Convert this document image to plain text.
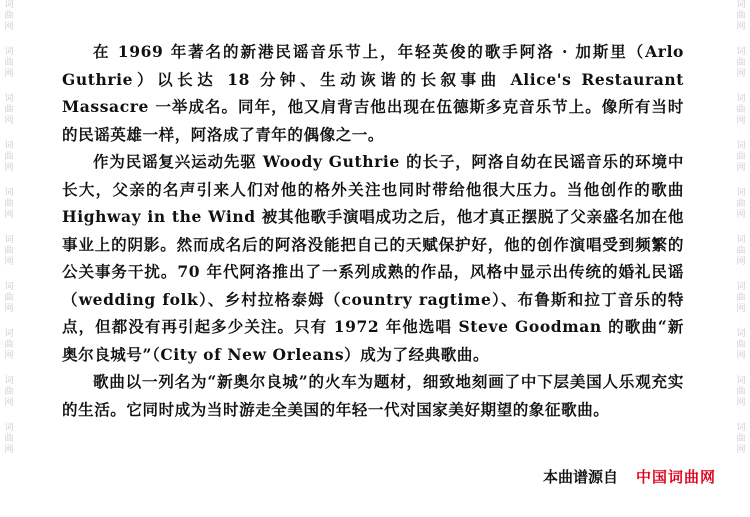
词
曲
网
词
曲
网
词
曲
网
词
曲
网
词
曲
网
词
曲
网
词
曲
网
词
曲
网
词
曲
网
词
曲
网
词
曲
网
词
曲
网
词
曲
网
词
曲
网
词
曲
网
词
曲
网
词
曲
网
词
曲
网
词
曲
网
词
曲
网

在 1969 年著名的新港民谣音乐节上，年轻英俊的歌手阿洛 · 加斯里（Arlo Guthrie）以长达 18 分钟、生动诙谐的长叙事曲 Alice's Restaurant Massacre 一举成名。同年，他又肩背吉他出现在伍德斯多克音乐节上。像所有当时的民谣英雄一样，阿洛成了青年的偶像之一。

作为民谣复兴运动先驱 Woody Guthrie 的长子，阿洛自幼在民谣音乐的环境中长大，父亲的名声引来人们对他的格外关注也同时带给他很大压力。当他创作的歌曲 Highway in the Wind 被其他歌手演唱成功之后，他才真正摆脱了父亲盛名加在他事业上的阴影。然而成名后的阿洛没能把自己的天赋保护好，他的创作演唱受到频繁的公关事务干扰。70 年代阿洛推出了一系列成熟的作品，风格中显示出传统的婚礼民谣（wedding folk）、乡村拉格泰姆（country ragtime）、布鲁斯和拉丁音乐的特点，但都没有再引起多少关注。只有 1972 年他选唱 Steve Goodman 的歌曲“新奥尔良城号”（City of New Orleans）成为了经典歌曲。

歌曲以一列名为“新奥尔良城”的火车为题材，细致地刻画了中下层美国人乐观充实的生活。它同时成为当时游走全美国的年轻一代对国家美好期望的象征歌曲。

本曲谱源自 中国词曲网
